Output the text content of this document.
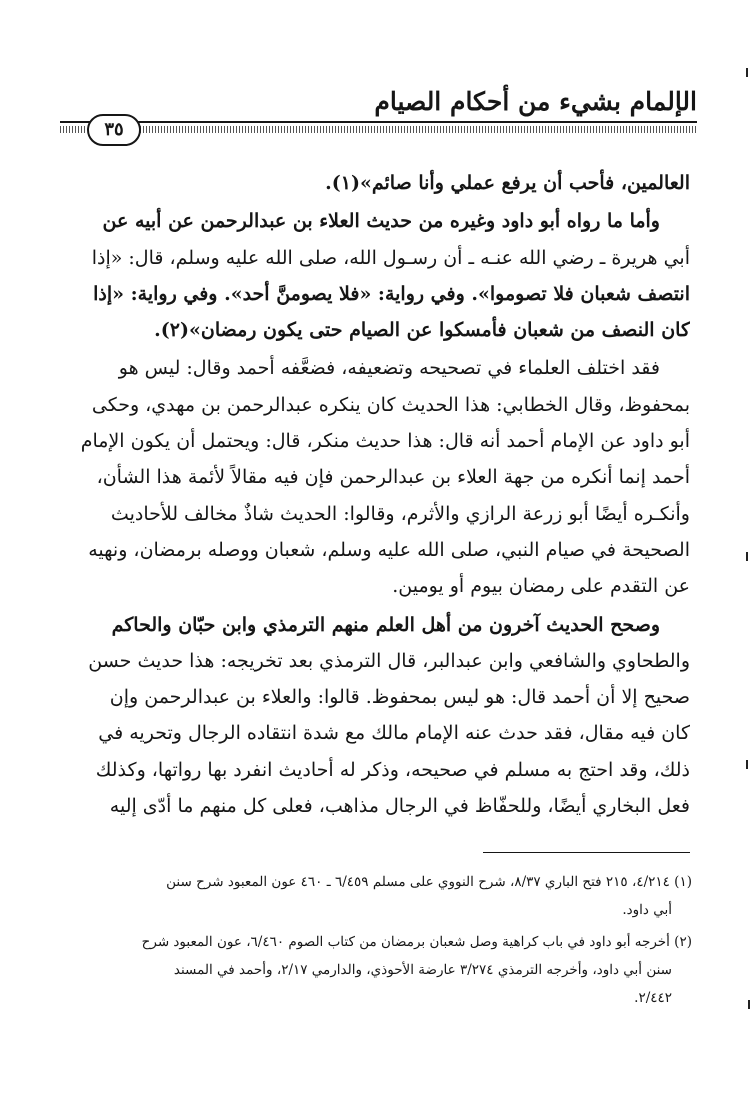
الإلمام بشيء من أحكام الصيام
٣٥
العالمين، فأحب أن يرفع عملي وأنا صائم»(١).
وأما ما رواه أبو داود وغيره من حديث العلاء بن عبدالرحمن عن أبيه عن
أبي هريرة ـ رضي الله عنـه ـ أن رسـول الله، صلى الله عليه وسلم، قال: «إذا
انتصف شعبان فلا تصوموا». وفي رواية: «فلا يصومنَّ أحد». وفي رواية: «إذا
كان النصف من شعبان فأمسكوا عن الصيام حتى يكون رمضان»(٢).
فقد اختلف العلماء في تصحيحه وتضعيفه، فضعَّفه أحمد وقال: ليس هو
بمحفوظ، وقال الخطابي: هذا الحديث كان ينكره عبدالرحمن بن مهدي، وحكى
أبو داود عن الإمام أحمد أنه قال: هذا حديث منكر، قال: ويحتمل أن يكون الإمام
أحمد إنما أنكره من جهة العلاء بن عبدالرحمن فإن فيه مقالاً لأئمة هذا الشأن،
وأنكـره أيضًا أبو زرعة الرازي والأثرم، وقالوا: الحديث شاذٌ مخالف للأحاديث
الصحيحة في صيام النبي، صلى الله عليه وسلم، شعبان ووصله برمضان، ونهيه
عن التقدم على رمضان بيوم أو يومين.
وصحح الحديث آخرون من أهل العلم منهم الترمذي وابن حبّان والحاكم
والطحاوي والشافعي وابن عبدالبر، قال الترمذي بعد تخريجه: هذا حديث حسن
صحيح إلا أن أحمد قال: هو ليس بمحفوظ. قالوا: والعلاء بن عبدالرحمن وإن
كان فيه مقال، فقد حدث عنه الإمام مالك مع شدة انتقاده الرجال وتحريه في
ذلك، وقد احتج به مسلم في صحيحه، وذكر له أحاديث انفرد بها رواتها، وكذلك
فعل البخاري أيضًا، وللحفّاظ في الرجال مذاهب، فعلى كل منهم ما أدّى إليه
(١) ٤/٢١٤، ٢١٥ فتح الباري ٨/٣٧، شرح النووي على مسلم ٦/٤٥٩ ـ ٤٦٠ عون المعبود شرح سنن
أبي داود.
(٢) أخرجه أبو داود في باب كراهية وصل شعبان برمضان من كتاب الصوم ٦/٤٦٠، عون المعبود شرح
سنن أبي داود، وأخرجه الترمذي ٣/٢٧٤ عارضة الأحوذي، والدارمي ٢/١٧، وأحمد في المسند
٢/٤٤٢.
